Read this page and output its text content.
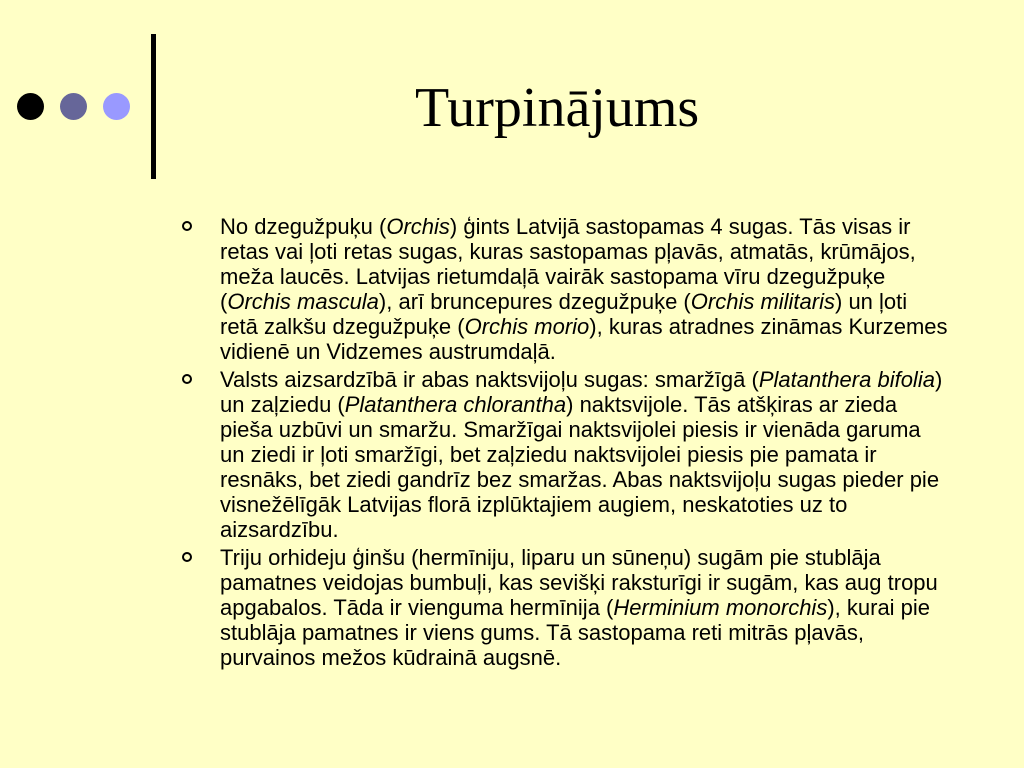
Turpinājums
No dzegužpuķu (Orchis) ģints Latvijā sastopamas 4 sugas. Tās visas ir retas vai ļoti retas sugas, kuras sastopamas pļavās, atmatās, krūmājos, meža laucēs. Latvijas rietumdaļā vairāk sastopama vīru dzegužpuķe (Orchis mascula), arī bruncepures dzegužpuķe (Orchis militaris) un ļoti retā zalkšu dzegužpuķe (Orchis morio), kuras atradnes zināmas Kurzemes vidienē un Vidzemes austrumdaļā.
Valsts aizsardzībā ir abas naktsvijoļu sugas: smaržīgā (Platanthera bifolia) un zaļziedu (Platanthera chlorantha) naktsvijole. Tās atšķiras ar zieda pieša uzbūvi un smaržu. Smaržīgai naktsvijolei piesis ir vienāda garuma un ziedi ir ļoti smaržīgi, bet zaļziedu naktsvijolei piesis pie pamata ir resnāks, bet ziedi gandrīz bez smaržas. Abas naktsvijoļu sugas pieder pie visnežēlīgāk Latvijas florā izplūktajiem augiem, neskatoties uz to aizsardzību.
Triju orhideju ģinšu (hermīniju, liparu un sūneņu) sugām pie stublāja pamatnes veidojas bumbuļi, kas sevišķi raksturīgi ir sugām, kas aug tropu apgabalos. Tāda ir vienguma hermīnija (Herminium monorchis), kurai pie stublāja pamatnes ir viens gums. Tā sastopama reti mitrās pļavās, purvainos mežos kūdrainā augsnē.
